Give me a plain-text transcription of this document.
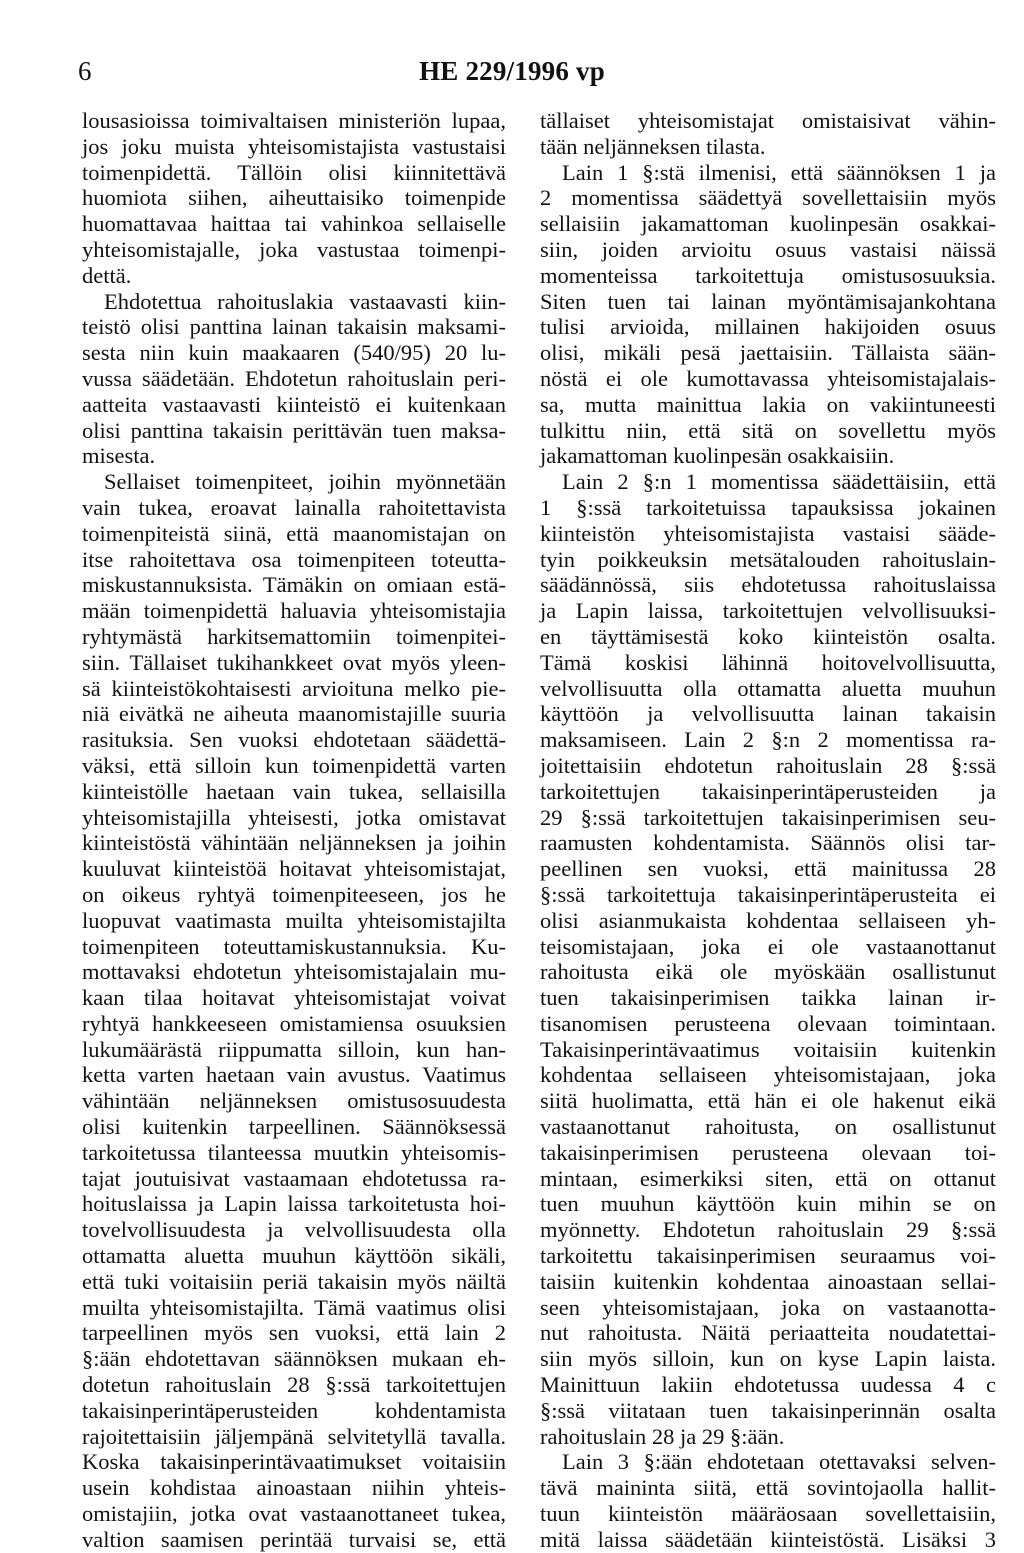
6	HE 229/1996 vp
lousasioissa toimivaltaisen ministeriön lupaa,
jos joku muista yhteisomistajista vastustaisi
toimenpidettä. Tällöin olisi kiinnitettävä
huomiota siihen, aiheuttaisiko toimenpide
huomattavaa haittaa tai vahinkoa sellaiselle
yhteisomistajalle, joka vastustaa toimenpi-
dettä.
Ehdotettua rahoituslakia vastaavasti kiin-
teistö olisi panttina lainan takaisin maksami-
sesta niin kuin maakaaren (540/95) 20 lu-
vussa säädetään. Ehdotetun rahoituslain peri-
aatteita vastaavasti kiinteistö ei kuitenkaan
olisi panttina takaisin perittävän tuen maksa-
misesta.
Sellaiset toimenpiteet, joihin myönnetään
vain tukea, eroavat lainalla rahoitettavista
toimenpiteistä siinä, että maanomistajan on
itse rahoitettava osa toimenpiteen toteutta-
miskustannuksista. Tämäkin on omiaan estä-
mään toimenpidettä haluavia yhteisomistajia
ryhtymästä harkitsemattomiin toimenpitei-
siin. Tällaiset tukihankkeet ovat myös yleen-
sä kiinteistökohtaisesti arvioituna melko pie-
niä eivätkä ne aiheuta maanomistajille suuria
rasituksia. Sen vuoksi ehdotetaan säädettä-
väksi, että silloin kun toimenpidettä varten
kiinteistölle haetaan vain tukea, sellaisilla
yhteisomistajilla yhteisesti, jotka omistavat
kiinteistöstä vähintään neljänneksen ja joihin
kuuluvat kiinteistöä hoitavat yhteisomistajat,
on oikeus ryhtyä toimenpiteeseen, jos he
luopuvat vaatimasta muilta yhteisomistajilta
toimenpiteen toteuttamiskustannuksia. Ku-
mottavaksi ehdotetun yhteisomistajalain mu-
kaan tilaa hoitavat yhteisomistajat voivat
ryhtyä hankkeeseen omistamiensa osuuksien
lukumäärästä riippumatta silloin, kun han-
ketta varten haetaan vain avustus. Vaatimus
vähintään neljänneksen omistusosuudesta
olisi kuitenkin tarpeellinen. Säännöksessä
tarkoitetussa tilanteessa muutkin yhteisomis-
tajat joutuisivat vastaamaan ehdotetussa ra-
hoituslaissa ja Lapin laissa tarkoitetusta hoi-
tovelvollisuudesta ja velvollisuudesta olla
ottamatta aluetta muuhun käyttöön sikäli,
että tuki voitaisiin periä takaisin myös näiltä
muilta yhteisomistajilta. Tämä vaatimus olisi
tarpeellinen myös sen vuoksi, että lain 2
§:ään ehdotettavan säännöksen mukaan eh-
dotetun rahoituslain 28 §:ssä tarkoitettujen
takaisinperintäperusteiden kohdentamista
rajoitettaisiin jäljempänä selvitetyllä tavalla.
Koska takaisinperintävaatimukset voitaisiin
usein kohdistaa ainoastaan niihin yhteis-
omistajiin, jotka ovat vastaanottaneet tukea,
valtion saamisen perintää turvaisi se, että
tällaiset yhteisomistajat omistaisivat vähin-
tään neljänneksen tilasta.
Lain 1 §:stä ilmenisi, että säännöksen 1 ja
2 momentissa säädettyä sovellettaisiin myös
sellaisiin jakamattoman kuolinpesän osakkai-
siin, joiden arvioitu osuus vastaisi näissä
momenteissa tarkoitettuja omistusosuuksia.
Siten tuen tai lainan myöntämisajankohtana
tulisi arvioida, millainen hakijoiden osuus
olisi, mikäli pesä jaettaisiin. Tällaista sään-
nöstä ei ole kumottavassa yhteisomistajalais-
sa, mutta mainittua lakia on vakiintuneesti
tulkittu niin, että sitä on sovellettu myös
jakamattoman kuolinpesän osakkaisiin.
Lain 2 §:n 1 momentissa säädettäisiin, että
1 §:ssä tarkoitetuissa tapauksissa jokainen
kiinteistön yhteisomistajista vastaisi sääde-
tyin poikkeuksin metsätalouden rahoituslain-
säädännössä, siis ehdotetussa rahoituslaissa
ja Lapin laissa, tarkoitettujen velvollisuuksi-
en täyttämisestä koko kiinteistön osalta.
Tämä koskisi lähinnä hoitovelvollisuutta,
velvollisuutta olla ottamatta aluetta muuhun
käyttöön ja velvollisuutta lainan takaisin
maksamiseen. Lain 2 §:n 2 momentissa ra-
joitettaisiin ehdotetun rahoituslain 28 §:ssä
tarkoitettujen takaisinperintäperusteiden ja
29 §:ssä tarkoitettujen takaisinperimisen seu-
raamusten kohdentamista. Säännös olisi tar-
peellinen sen vuoksi, että mainitussa 28
§:ssä tarkoitettuja takaisinperintäperusteita ei
olisi asianmukaista kohdentaa sellaiseen yh-
teisomistajaan, joka ei ole vastaanottanut
rahoitusta eikä ole myöskään osallistunut
tuen takaisinperimisen taikka lainan ir-
tisanomisen perusteena olevaan toimintaan.
Takaisinperintävaatimus voitaisiin kuitenkin
kohdentaa sellaiseen yhteisomistajaan, joka
siitä huolimatta, että hän ei ole hakenut eikä
vastaanottanut rahoitusta, on osallistunut
takaisinperimisen perusteena olevaan toi-
mintaan, esimerkiksi siten, että on ottanut
tuen muuhun käyttöön kuin mihin se on
myönnetty. Ehdotetun rahoituslain 29 §:ssä
tarkoitettu takaisinperimisen seuraamus voi-
taisiin kuitenkin kohdentaa ainoastaan sellai-
seen yhteisomistajaan, joka on vastaanotta-
nut rahoitusta. Näitä periaatteita noudatettai-
siin myös silloin, kun on kyse Lapin laista.
Mainittuun lakiin ehdotetussa uudessa 4 c
§:ssä viitataan tuen takaisinperinnän osalta
rahoituslain 28 ja 29 §:ään.
Lain 3 §:ään ehdotetaan otettavaksi selven-
tävä maininta siitä, että sovintojaolla hallit-
tuun kiinteistön määräosaan sovellettaisiin,
mitä laissa säädetään kiinteistöstä. Lisäksi 3
